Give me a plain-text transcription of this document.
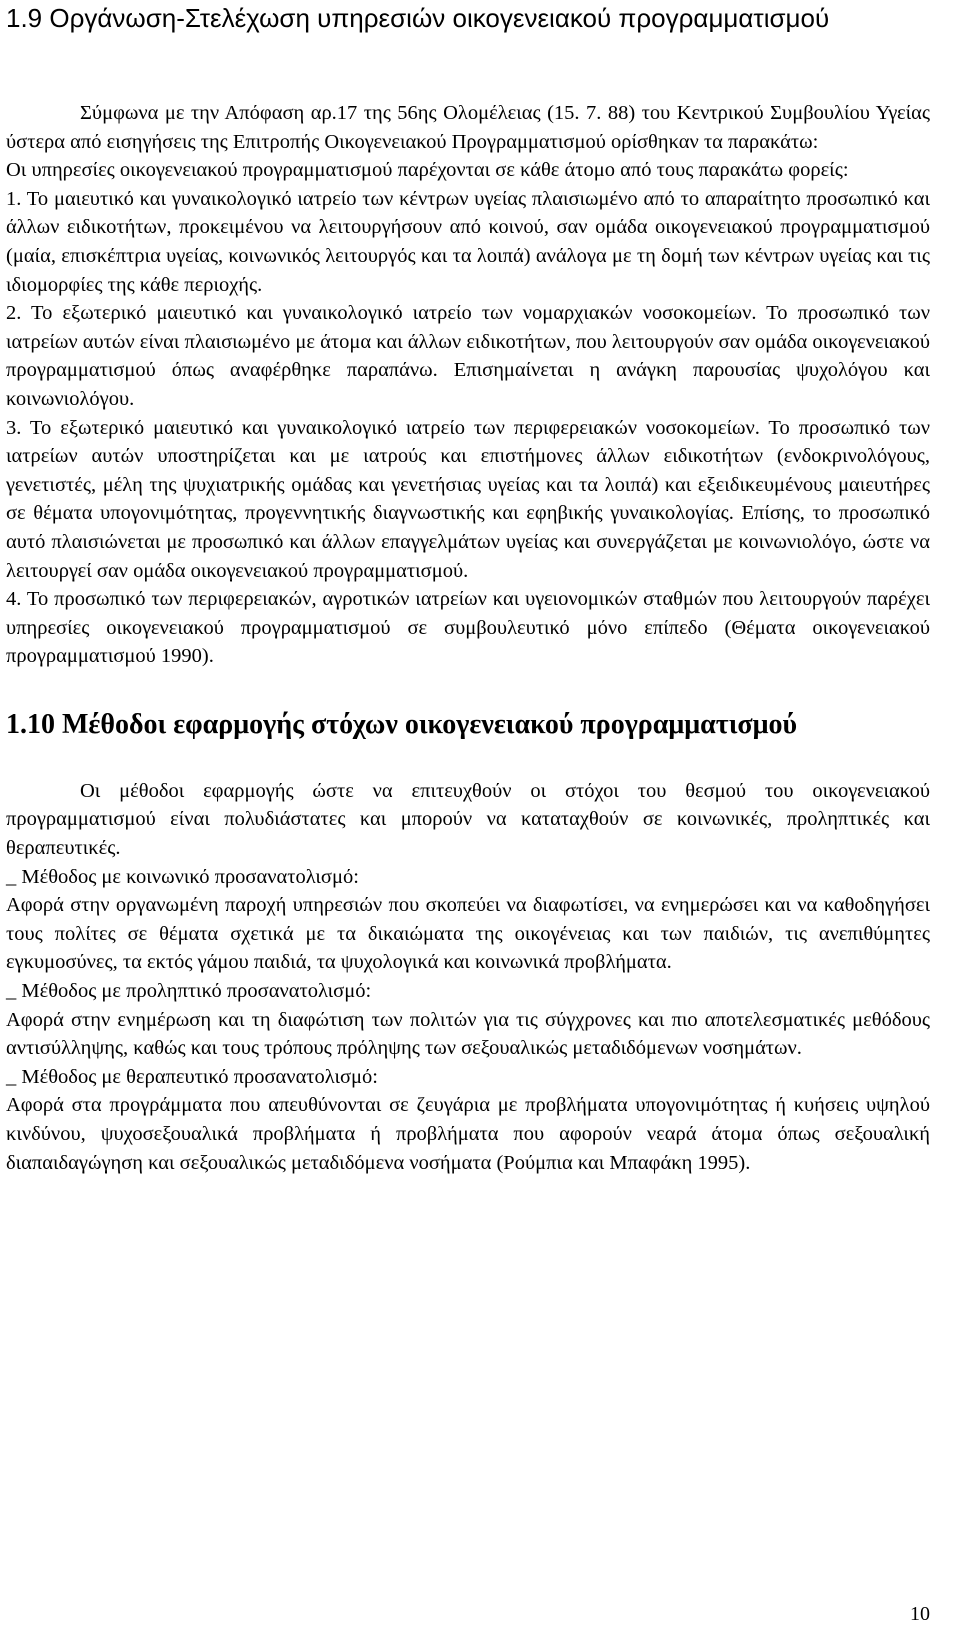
1.9 Οργάνωση-Στελέχωση υπηρεσιών οικογενειακού προγραμματισμού

Σύμφωνα με την Απόφαση αρ.17 της 56ης Ολομέλειας (15. 7. 88) του Κεντρικού Συμβουλίου Υγείας ύστερα από εισηγήσεις της Επιτροπής Οικογενειακού Προγραμματισμού ορίσθηκαν τα παρακάτω:

Οι υπηρεσίες οικογενειακού προγραμματισμού παρέχονται σε κάθε άτομο από τους παρακάτω φορείς:

1. Το μαιευτικό και γυναικολογικό ιατρείο των κέντρων υγείας πλαισιωμένο από το απαραίτητο προσωπικό και άλλων ειδικοτήτων, προκειμένου να λειτουργήσουν από κοινού, σαν ομάδα οικογενειακού προγραμματισμού (μαία, επισκέπτρια υγείας, κοινωνικός λειτουργός και τα λοιπά) ανάλογα με τη δομή των κέντρων υγείας και τις ιδιομορφίες της κάθε περιοχής.

2. Το εξωτερικό μαιευτικό και γυναικολογικό ιατρείο των νομαρχιακών νοσοκομείων. Το προσωπικό των ιατρείων αυτών είναι πλαισιωμένο με άτομα και άλλων ειδικοτήτων, που λειτουργούν σαν ομάδα οικογενειακού προγραμματισμού όπως αναφέρθηκε παραπάνω. Επισημαίνεται η ανάγκη παρουσίας ψυχολόγου και κοινωνιολόγου.

3. Το εξωτερικό μαιευτικό και γυναικολογικό ιατρείο των περιφερειακών νοσοκομείων. Το προσωπικό των ιατρείων αυτών υποστηρίζεται και με ιατρούς και επιστήμονες άλλων ειδικοτήτων (ενδοκρινολόγους, γενετιστές, μέλη της ψυχιατρικής ομάδας και γενετήσιας υγείας και τα λοιπά) και εξειδικευμένους μαιευτήρες σε θέματα υπογονιμότητας, προγεννητικής διαγνωστικής και εφηβικής γυναικολογίας. Επίσης, το προσωπικό αυτό πλαισιώνεται με προσωπικό και άλλων επαγγελμάτων υγείας και συνεργάζεται με κοινωνιολόγο, ώστε να λειτουργεί σαν ομάδα οικογενειακού προγραμματισμού.

4. Το προσωπικό των περιφερειακών, αγροτικών ιατρείων και υγειονομικών σταθμών που λειτουργούν παρέχει υπηρεσίες οικογενειακού προγραμματισμού σε συμβουλευτικό μόνο επίπεδο (Θέματα οικογενειακού προγραμματισμού 1990).

1.10 Μέθοδοι εφαρμογής στόχων οικογενειακού προγραμματισμού

Οι μέθοδοι εφαρμογής ώστε να επιτευχθούν οι στόχοι του θεσμού του οικογενειακού προγραμματισμού είναι πολυδιάστατες και μπορούν να καταταχθούν σε κοινωνικές, προληπτικές και θεραπευτικές.

_ Μέθοδος με κοινωνικό προσανατολισμό:

Αφορά στην οργανωμένη παροχή υπηρεσιών που σκοπεύει να διαφωτίσει, να ενημερώσει και να καθοδηγήσει τους πολίτες σε θέματα σχετικά με τα δικαιώματα της οικογένειας και των παιδιών, τις ανεπιθύμητες εγκυμοσύνες, τα εκτός γάμου παιδιά, τα ψυχολογικά και κοινωνικά προβλήματα.

_ Μέθοδος με προληπτικό προσανατολισμό:

Αφορά στην ενημέρωση και τη διαφώτιση των πολιτών για τις σύγχρονες και πιο αποτελεσματικές μεθόδους αντισύλληψης, καθώς και τους τρόπους πρόληψης των σεξουαλικώς μεταδιδόμενων νοσημάτων.

_ Μέθοδος με θεραπευτικό προσανατολισμό:

Αφορά στα προγράμματα που απευθύνονται σε ζευγάρια με προβλήματα υπογονιμότητας ή κυήσεις υψηλού κινδύνου, ψυχοσεξουαλικά προβλήματα ή προβλήματα που αφορούν νεαρά άτομα όπως σεξουαλική διαπαιδαγώγηση και σεξουαλικώς μεταδιδόμενα νοσήματα (Ρούμπια και Μπαφάκη 1995).

10
